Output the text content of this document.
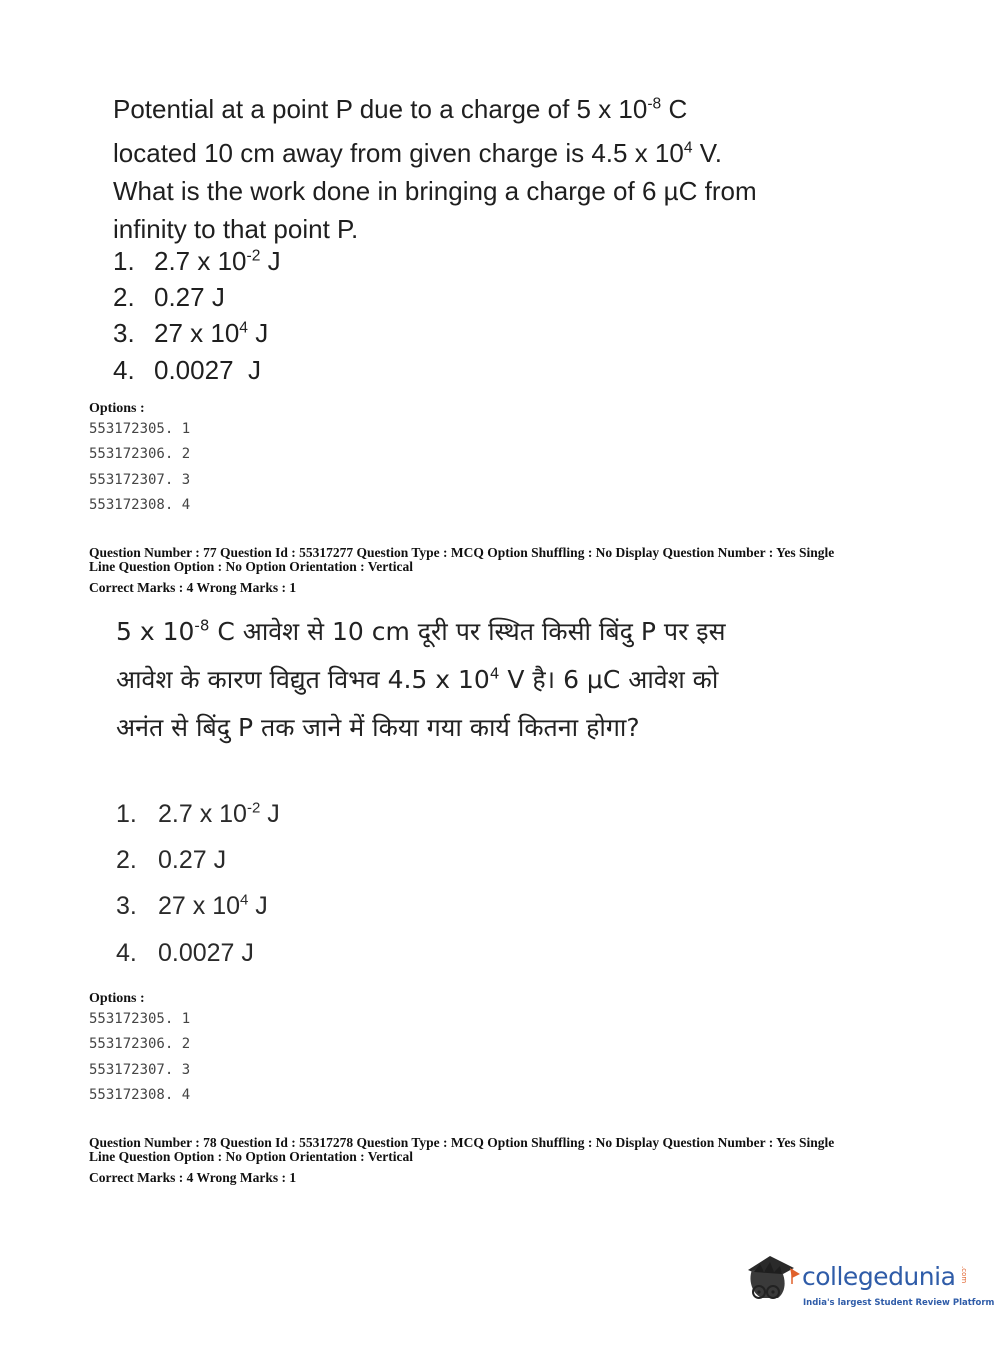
Potential at a point P due to a charge of 5 x $10^{-8}$ C
located 10 cm away from given charge is 4.5 x $10^4$ V.
What is the work done in bringing a charge of 6 µC from
infinity to that point P.
1. 2.7 x $10^{-2}$ J
2. 0.27 J
3. 27 x $10^4$ J
4. 0.0027  J
Options :
553172305. 1
553172306. 2
553172307. 3
553172308. 4
Question Number : 77 Question Id : 55317277 Question Type : MCQ Option Shuffling : No Display Question Number : Yes Single
Line Question Option : No Option Orientation : Vertical
Correct Marks : 4 Wrong Marks : 1
5 x $10^{-8}$ C आवेश से 10 cm दूरी पर स्थित किसी बिंदु P पर इस
आवेश के कारण विद्युत विभव 4.5 x $10^4$ V है। 6 μC आवेश को
अनंत से बिंदु P तक जाने में किया गया कार्य कितना होगा?
1. 2.7 x $10^{-2}$ J
2. 0.27 J
3. 27 x $10^4$ J
4. 0.0027 J
Options :
553172305. 1
553172306. 2
553172307. 3
553172308. 4
Question Number : 78 Question Id : 55317278 Question Type : MCQ Option Shuffling : No Display Question Number : Yes Single
Line Question Option : No Option Orientation : Vertical
Correct Marks : 4 Wrong Marks : 1
collegedunia .com
India's largest Student Review Platform
